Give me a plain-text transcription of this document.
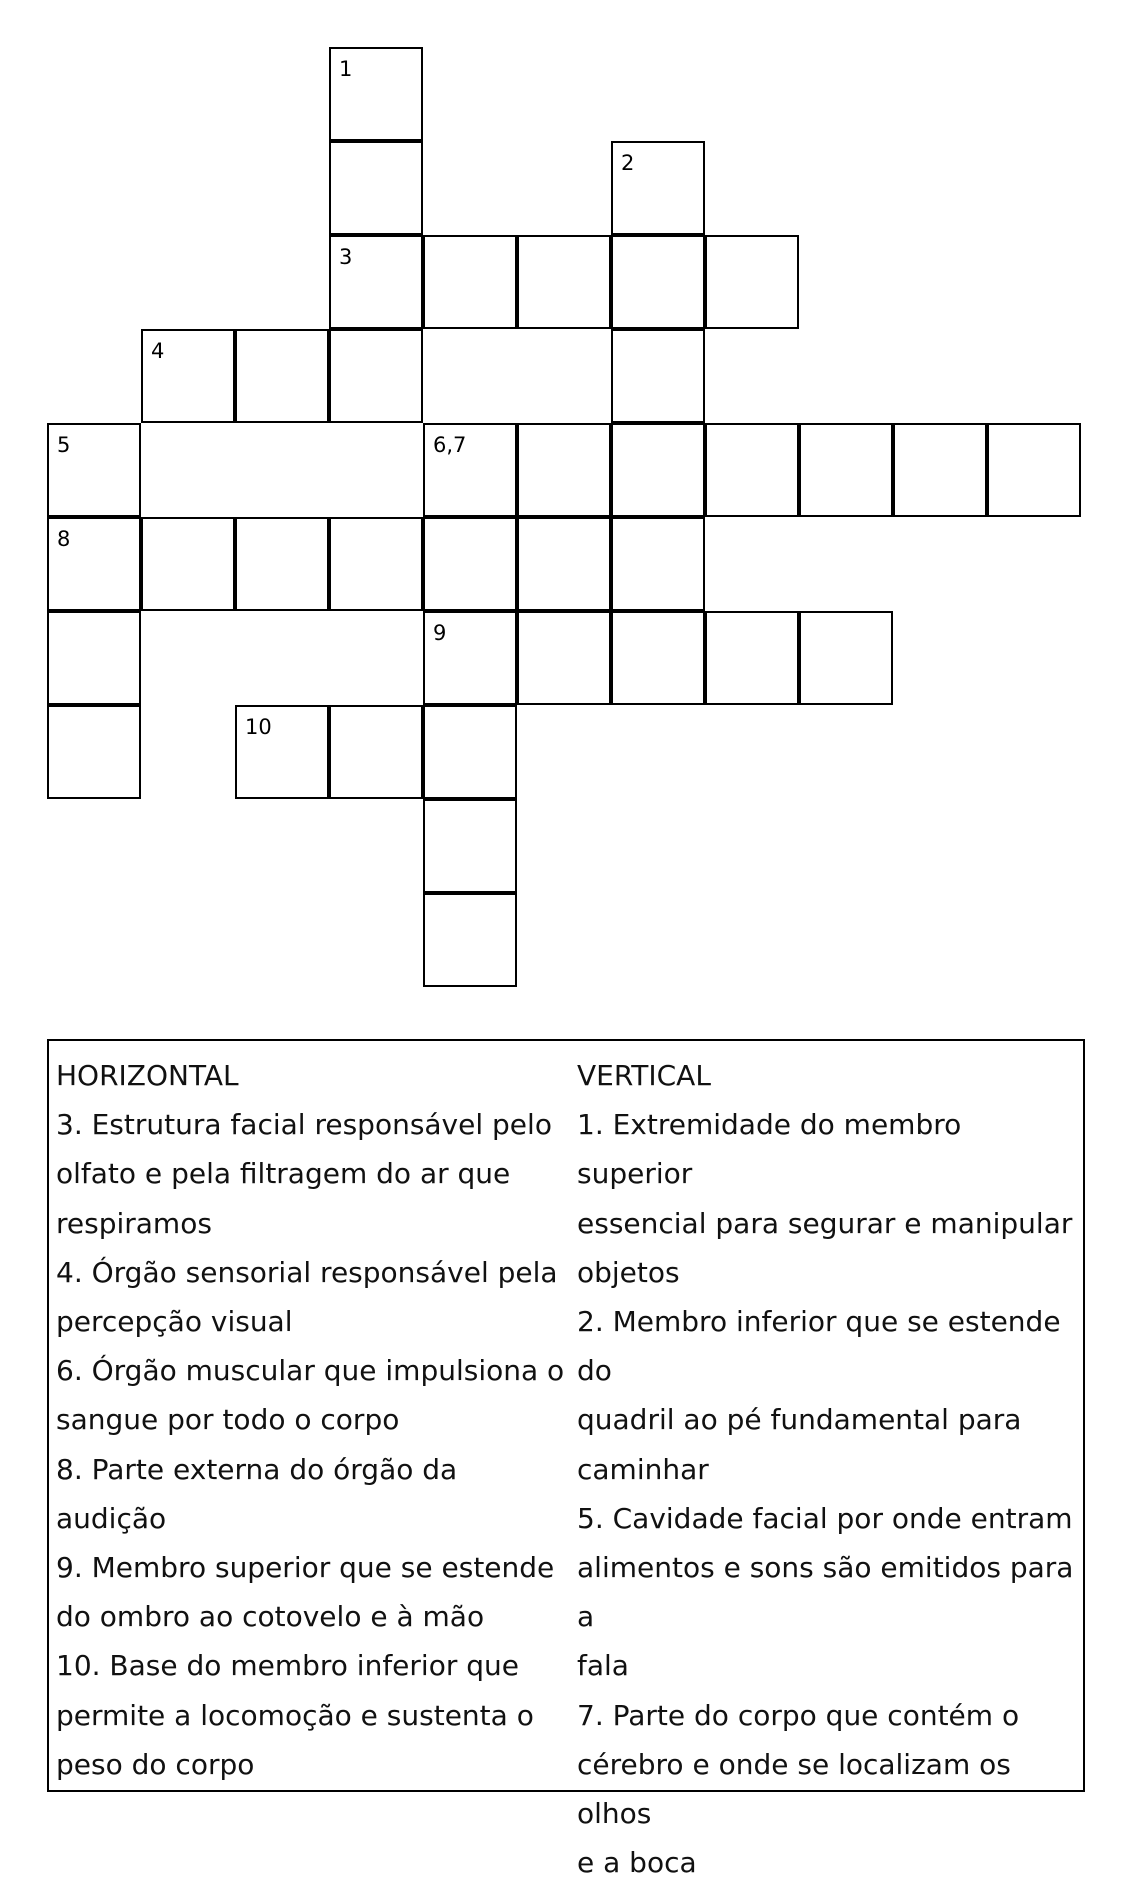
1
2
3
4
5	6,7
8
9
10
HORIZONTAL
3. Estrutura facial responsável pelo
olfato e pela filtragem do ar que
respiramos
4. Órgão sensorial responsável pela
percepção visual
6. Órgão muscular que impulsiona o
sangue por todo o corpo
8. Parte externa do órgão da audição
9. Membro superior que se estende
do ombro ao cotovelo e à mão
10. Base do membro inferior que
permite a locomoção e sustenta o
peso do corpo
VERTICAL
1. Extremidade do membro superior
essencial para segurar e manipular
objetos
2. Membro inferior que se estende do
quadril ao pé fundamental para
caminhar
5. Cavidade facial por onde entram
alimentos e sons são emitidos para a
fala
7. Parte do corpo que contém o
cérebro e onde se localizam os olhos
e a boca
